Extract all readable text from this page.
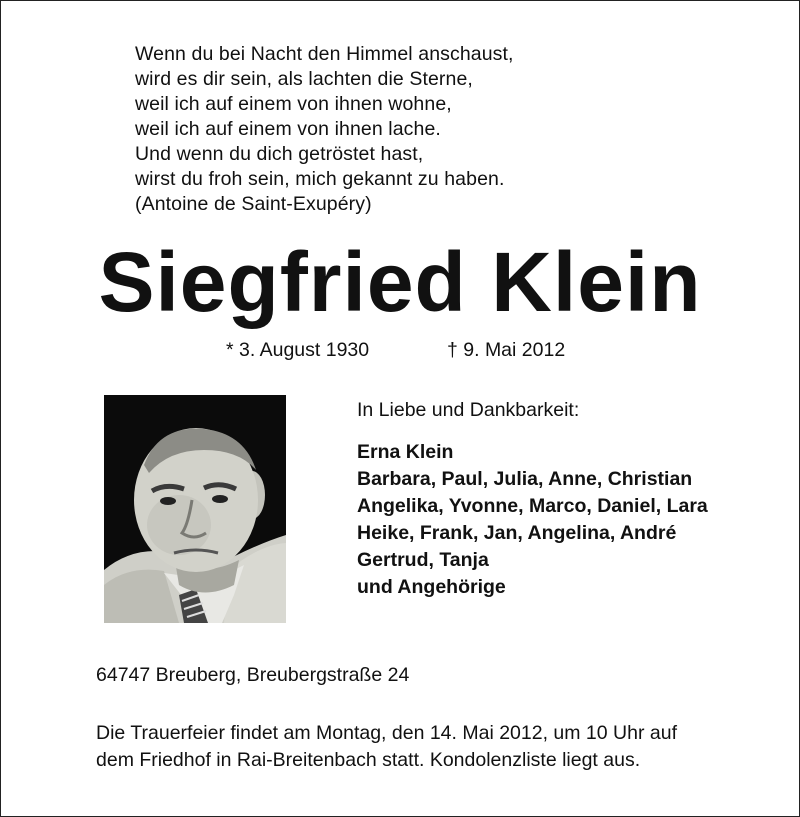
Wenn du bei Nacht den Himmel anschaust,
wird es dir sein, als lachten die Sterne,
weil ich auf einem von ihnen wohne,
weil ich auf einem von ihnen lache.
Und wenn du dich getröstet hast,
wirst du froh sein, mich gekannt zu haben.
(Antoine de Saint-Exupéry)
Siegfried Klein
* 3. August 1930	† 9. Mai 2012
In Liebe und Dankbarkeit:
Erna Klein
Barbara, Paul, Julia, Anne, Christian
Angelika, Yvonne, Marco, Daniel, Lara
Heike, Frank, Jan, Angelina, André
Gertrud, Tanja
und Angehörige
64747 Breuberg, Breubergstraße 24
Die Trauerfeier findet am Montag, den 14. Mai 2012, um 10 Uhr auf
dem Friedhof in Rai-Breitenbach statt. Kondolenzliste liegt aus.
